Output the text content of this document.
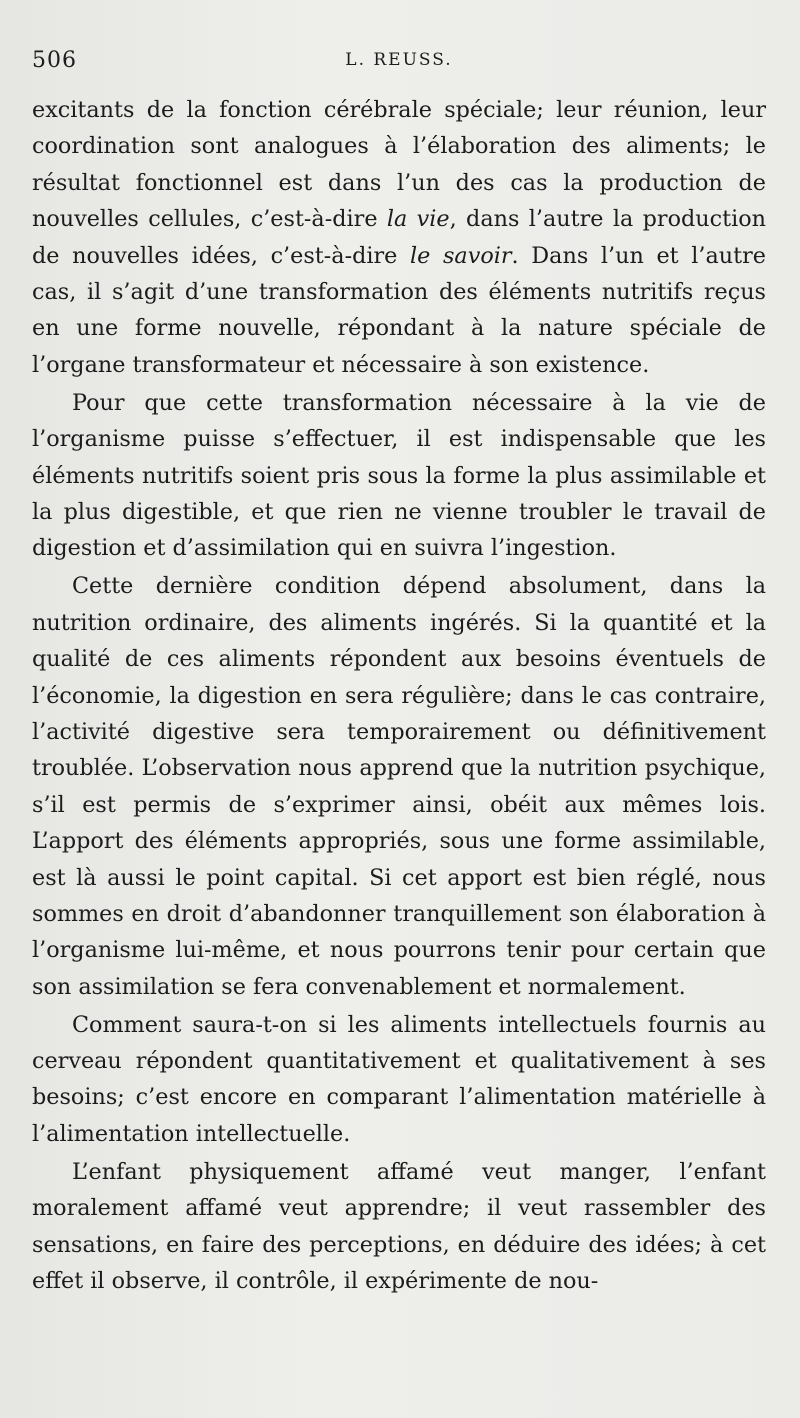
506	L. REUSS.

excitants de la fonction cérébrale spéciale; leur réunion, leur coordination sont analogues à l’élaboration des aliments; le résultat fonctionnel est dans l’un des cas la production de nouvelles cellules, c’est-à-dire la vie, dans l’autre la production de nouvelles idées, c’est-à-dire le savoir. Dans l’un et l’autre cas, il s’agit d’une transformation des éléments nutritifs reçus en une forme nouvelle, répondant à la nature spéciale de l’organe transformateur et nécessaire à son existence.

Pour que cette transformation nécessaire à la vie de l’organisme puisse s’effectuer, il est indispensable que les éléments nutritifs soient pris sous la forme la plus assimilable et la plus digestible, et que rien ne vienne troubler le travail de digestion et d’assimilation qui en suivra l’ingestion.

Cette dernière condition dépend absolument, dans la nutrition ordinaire, des aliments ingérés. Si la quantité et la qualité de ces aliments répondent aux besoins éventuels de l’économie, la digestion en sera régulière; dans le cas contraire, l’activité digestive sera temporairement ou définitivement troublée. L’observation nous apprend que la nutrition psychique, s’il est permis de s’exprimer ainsi, obéit aux mêmes lois. L’apport des éléments appropriés, sous une forme assimilable, est là aussi le point capital. Si cet apport est bien réglé, nous sommes en droit d’abandonner tranquillement son élaboration à l’organisme lui-même, et nous pourrons tenir pour certain que son assimilation se fera convenablement et normalement.

Comment saura-t-on si les aliments intellectuels fournis au cerveau répondent quantitativement et qualitativement à ses besoins; c’est encore en comparant l’alimentation matérielle à l’alimentation intellectuelle.

L’enfant physiquement affamé veut manger, l’enfant moralement affamé veut apprendre; il veut rassembler des sensations, en faire des perceptions, en déduire des idées; à cet effet il observe, il contrôle, il expérimente de nou-
